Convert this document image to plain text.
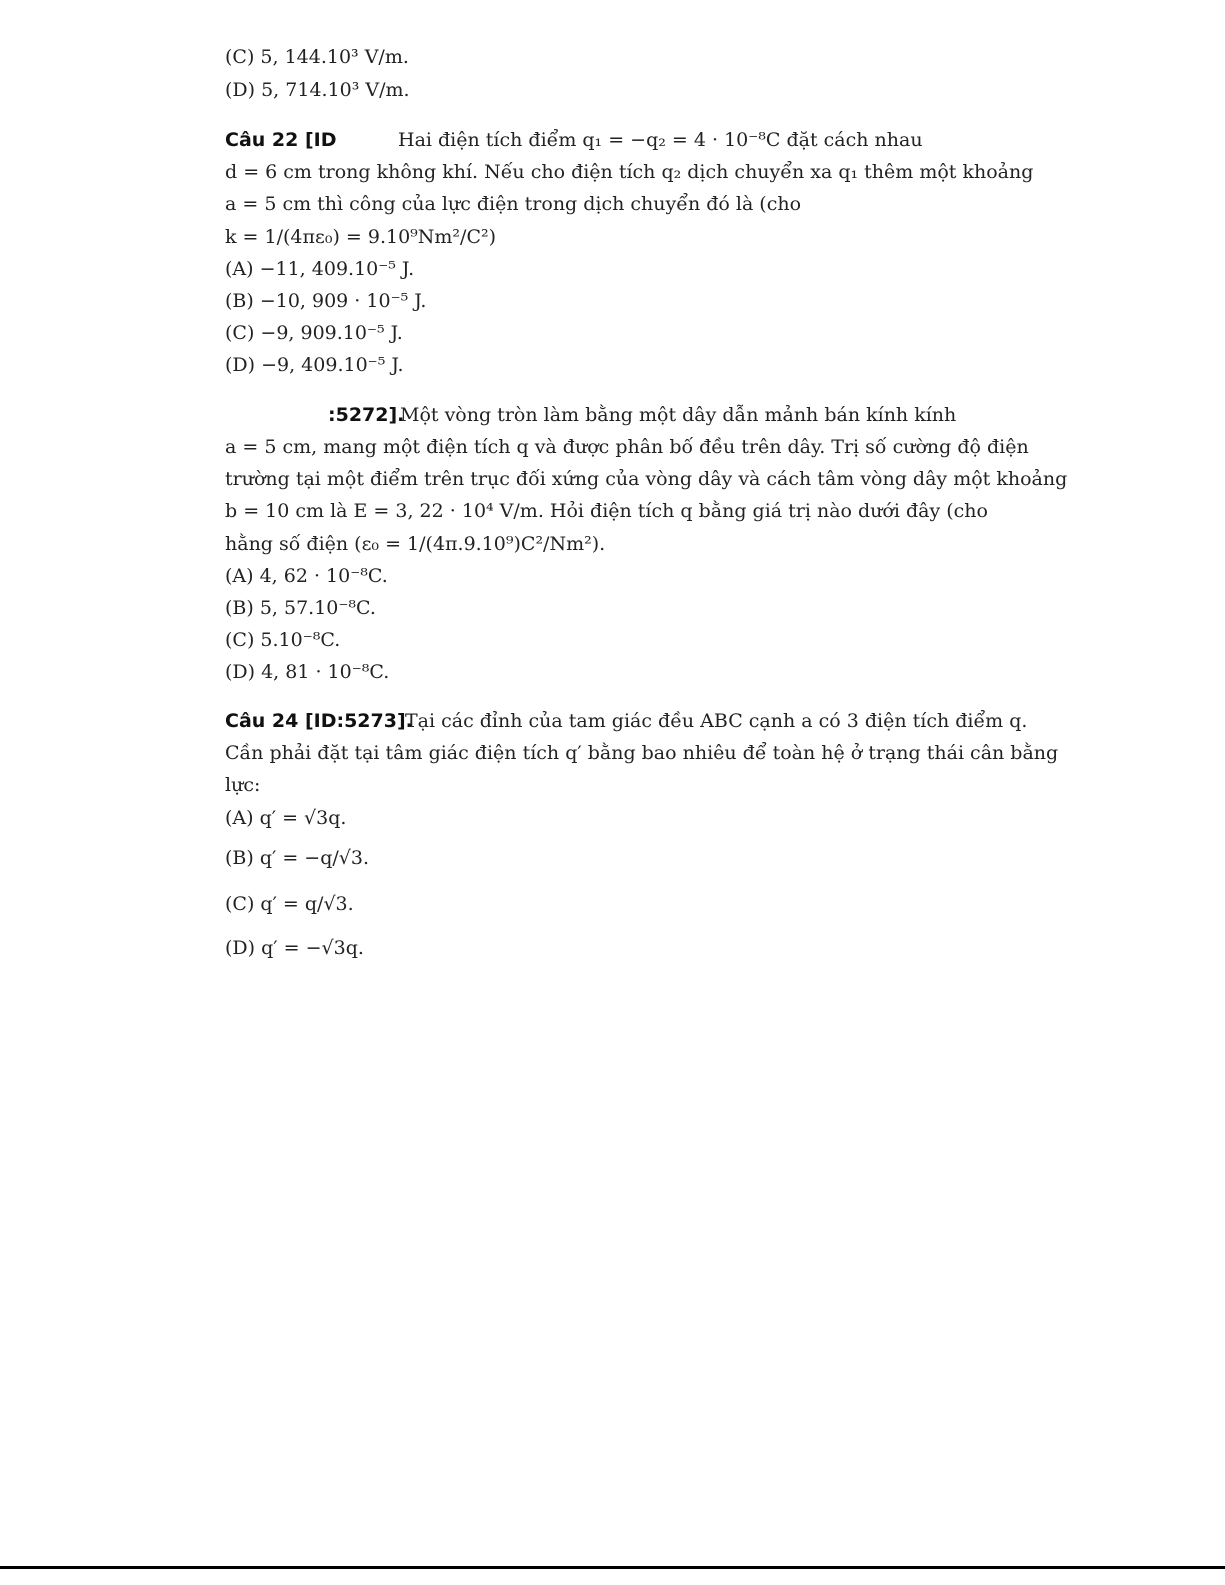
(C) 5, 144.10³ V/m.
(D) 5, 714.10³ V/m.
Câu 22 [ID	Hai điện tích điểm q₁ = −q₂ = 4 · 10⁻⁸C đặt cách nhau
d = 6 cm trong không khí. Nếu cho điện tích q₂ dịch chuyển xa q₁ thêm một khoảng
a = 5 cm thì công của lực điện trong dịch chuyển đó là (cho
k = 1/(4πε₀) = 9.10⁹Nm²/C²)
(A) −11, 409.10⁻⁵ J.
(B) −10, 909 · 10⁻⁵ J.
(C) −9, 909.10⁻⁵ J.
(D) −9, 409.10⁻⁵ J.
:5272].
Một vòng tròn làm bằng một dây dẫn mảnh bán kính kính
a = 5 cm, mang một điện tích q và được phân bố đều trên dây. Trị số cường độ điện
trường tại một điểm trên trục đối xứng của vòng dây và cách tâm vòng dây một khoảng
b = 10 cm là E = 3, 22 · 10⁴ V/m. Hỏi điện tích q bằng giá trị nào dưới đây (cho
hằng số điện (ε₀ = 1/(4π.9.10⁹)C²/Nm²).
(A) 4, 62 · 10⁻⁸C.
(B) 5, 57.10⁻⁸C.
(C) 5.10⁻⁸C.
(D) 4, 81 · 10⁻⁸C.
Câu 24 [ID:5273].
Tại các đỉnh của tam giác đều ABC cạnh a có 3 điện tích điểm q.
Cần phải đặt tại tâm giác điện tích q′ bằng bao nhiêu để toàn hệ ở trạng thái cân bằng
lực:
(A) q′ = √3q.
(B) q′ = −q/√3.
(C) q′ = q/√3.
(D) q′ = −√3q.
